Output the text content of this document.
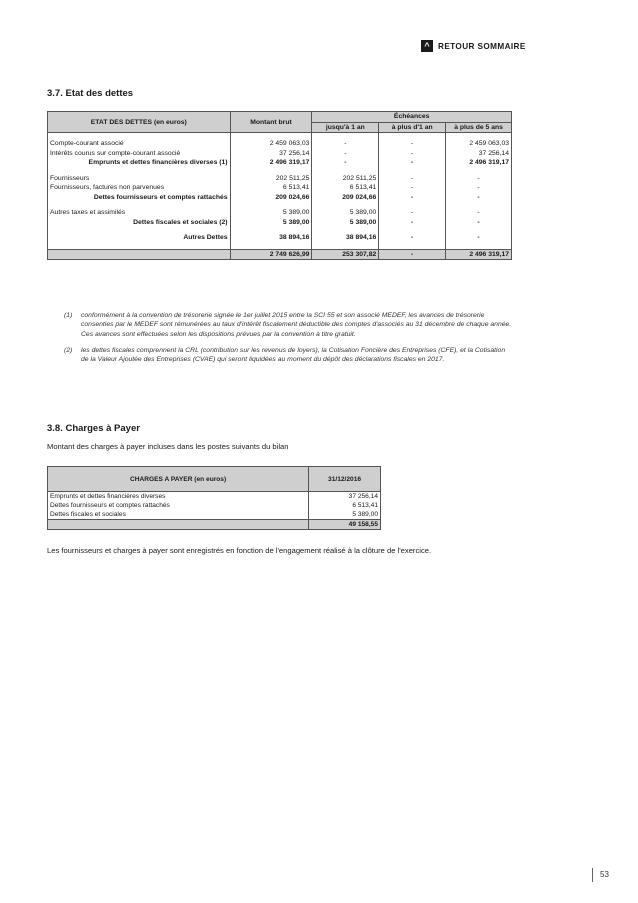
^	RETOUR SOMMAIRE
3.7. Etat des dettes
ETAT DES DETTES (en euros)	Montant brut	Échéances		
		jusqu'à 1 an	à plus d'1 an	à plus de 5 ans

Compte-courant associé	2 459 063,03	-	-	2 459 063,03
Intérêts courus sur compte-courant associé	37 256,14	-	-	37 256,14
Emprunts et dettes financières diverses (1)	2 496 319,17	-	-	2 496 319,17

Fournisseurs	202 511,25	202 511,25	-	-
Fournisseurs, factures non parvenues	6 513,41	6 513,41	-	-
Dettes fournisseurs et comptes rattachés	209 024,66	209 024,66	-	-

Autres taxes et assimilés	5 389,00	5 389,00	-	-
Dettes fiscales et sociales (2)	5 389,00	5 389,00	-	-

Autres Dettes	38 894,16	38 894,16	-	-

	2 749 626,99	253 307,82	-	2 496 319,17
(1)	conformément à la convention de trésorerie signée le 1er juillet 2015 entre la SCI 55 et son associé MEDEF, les avances de trésorerie consenties par le MEDEF sont rémunérées au taux d'intérêt fiscalement déductible des comptes d'associés au 31 décembre de chaque année. Ces avances sont effectuées selon les dispositions prévues par la convention à titre gratuit.
(2)	les dettes fiscales comprennent la CRL (contribution sur les revenus de loyers), la Cotisation Foncière des Entreprises (CFE), et la Cotisation de la Valeur Ajoutée des Entreprises (CVAE) qui seront liquidées au moment du dépôt des déclarations fiscales en 2017.
3.8. Charges à Payer
Montant des charges à payer incluses dans les postes suivants du bilan
CHARGES A PAYER (en euros)	31/12/2016
Emprunts et dettes financières diverses	37 256,14
Dettes fournisseurs et comptes rattachés	6 513,41
Dettes fiscales et sociales	5 389,00
	49 158,55
Les fournisseurs et charges à payer sont enregistrés en fonction de l'engagement réalisé à la clôture de l'exercice.
53
